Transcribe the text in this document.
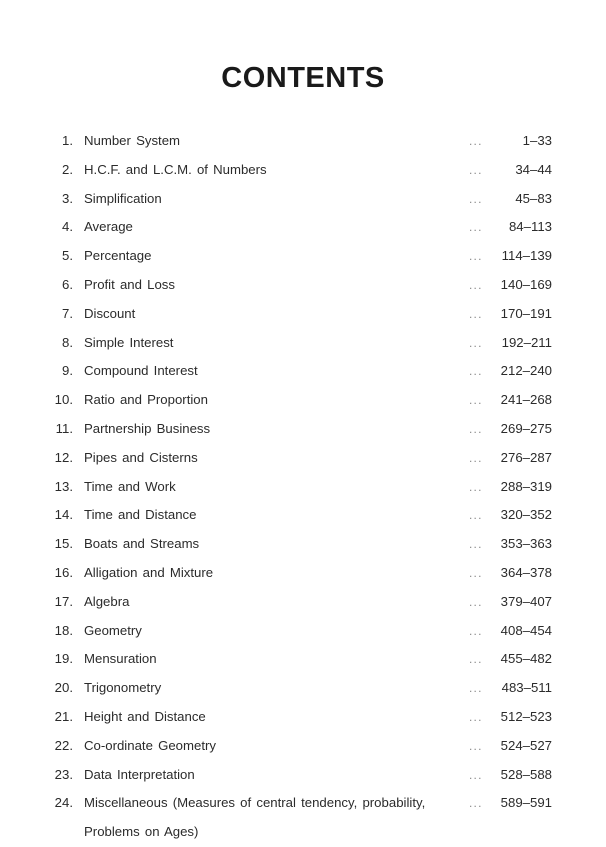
CONTENTS
1. Number System	...	1–33
2. H.C.F. and L.C.M. of Numbers	...	34–44
3. Simplification	...	45–83
4. Average	...	84–113
5. Percentage	...	114–139
6. Profit and Loss	...	140–169
7. Discount	...	170–191
8. Simple Interest	...	192–211
9. Compound Interest	...	212–240
10. Ratio and Proportion	...	241–268
11. Partnership Business	...	269–275
12. Pipes and Cisterns	...	276–287
13. Time and Work	...	288–319
14. Time and Distance	...	320–352
15. Boats and Streams	...	353–363
16. Alligation and Mixture	...	364–378
17. Algebra	...	379–407
18. Geometry	...	408–454
19. Mensuration	...	455–482
20. Trigonometry	...	483–511
21. Height and Distance	...	512–523
22. Co-ordinate Geometry	...	524–527
23. Data Interpretation	...	528–588
24. Miscellaneous (Measures of central tendency, probability,	...	589–591
Problems on Ages)
